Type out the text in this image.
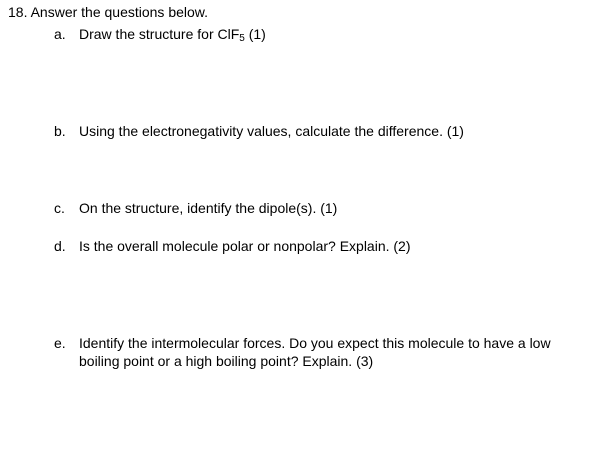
18. Answer the questions below.
a. Draw the structure for ClF$_5$ (1)
b. Using the electronegativity values, calculate the difference. (1)
c.	On the structure, identify the dipole(s). (1)
d. Is the overall molecule polar or nonpolar? Explain. (2)
e. Identify the intermolecular forces. Do you expect this molecule to have a low
boiling point or a high boiling point? Explain. (3)
